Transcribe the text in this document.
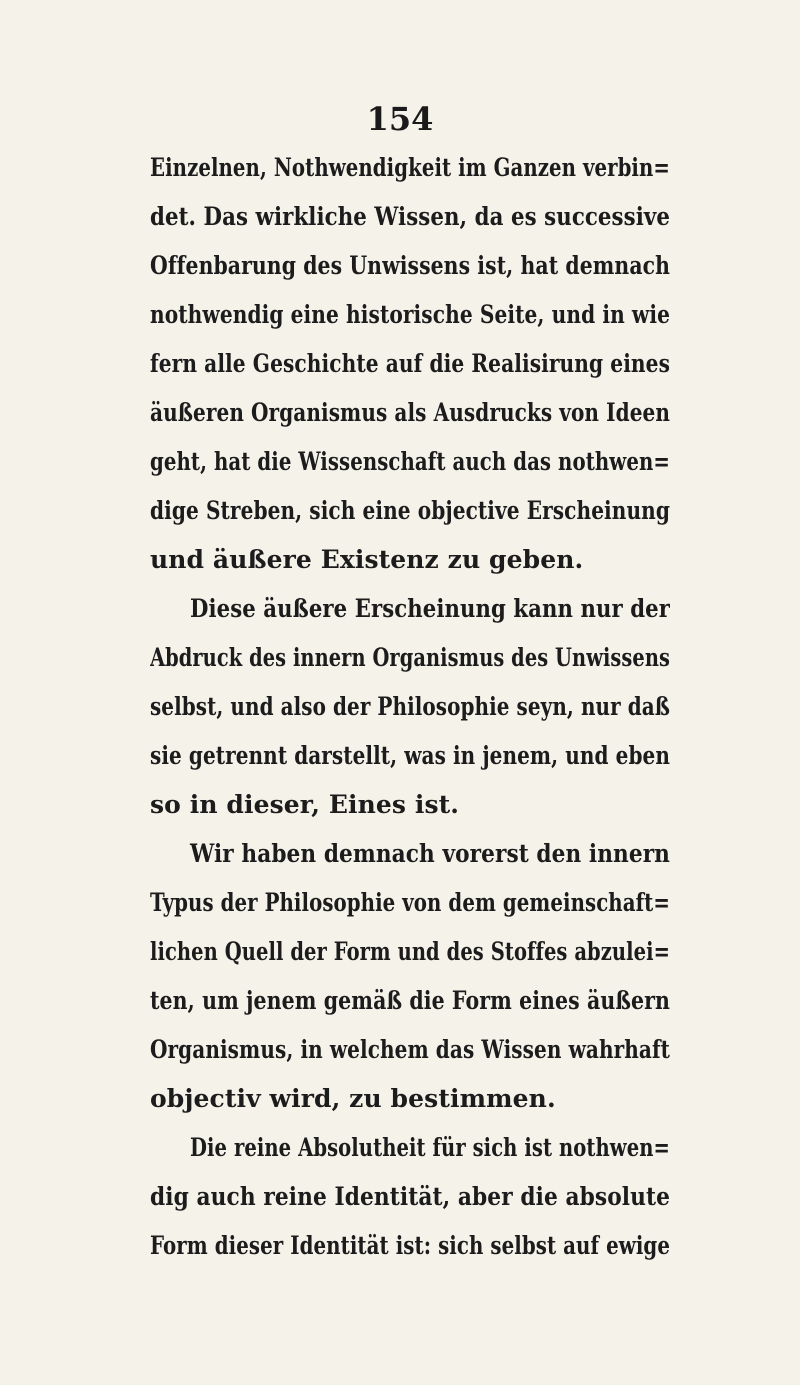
154
Einzelnen, Nothwendigkeit im Ganzen verbin=
det. Das wirkliche Wissen, da es successive
Offenbarung des Unwissens ist, hat demnach
nothwendig eine historische Seite, und in wie
fern alle Geschichte auf die Realisirung eines
äußeren Organismus als Ausdrucks von Ideen
geht, hat die Wissenschaft auch das nothwen=
dige Streben, sich eine objective Erscheinung
und äußere Existenz zu geben.
Diese äußere Erscheinung kann nur der
Abdruck des innern Organismus des Unwissens
selbst, und also der Philosophie seyn, nur daß
sie getrennt darstellt, was in jenem, und eben
so in dieser, Eines ist.
Wir haben demnach vorerst den innern
Typus der Philosophie von dem gemeinschaft=
lichen Quell der Form und des Stoffes abzulei=
ten, um jenem gemäß die Form eines äußern
Organismus, in welchem das Wissen wahrhaft
objectiv wird, zu bestimmen.
Die reine Absolutheit für sich ist nothwen=
dig auch reine Identität, aber die absolute
Form dieser Identität ist: sich selbst auf ewige
